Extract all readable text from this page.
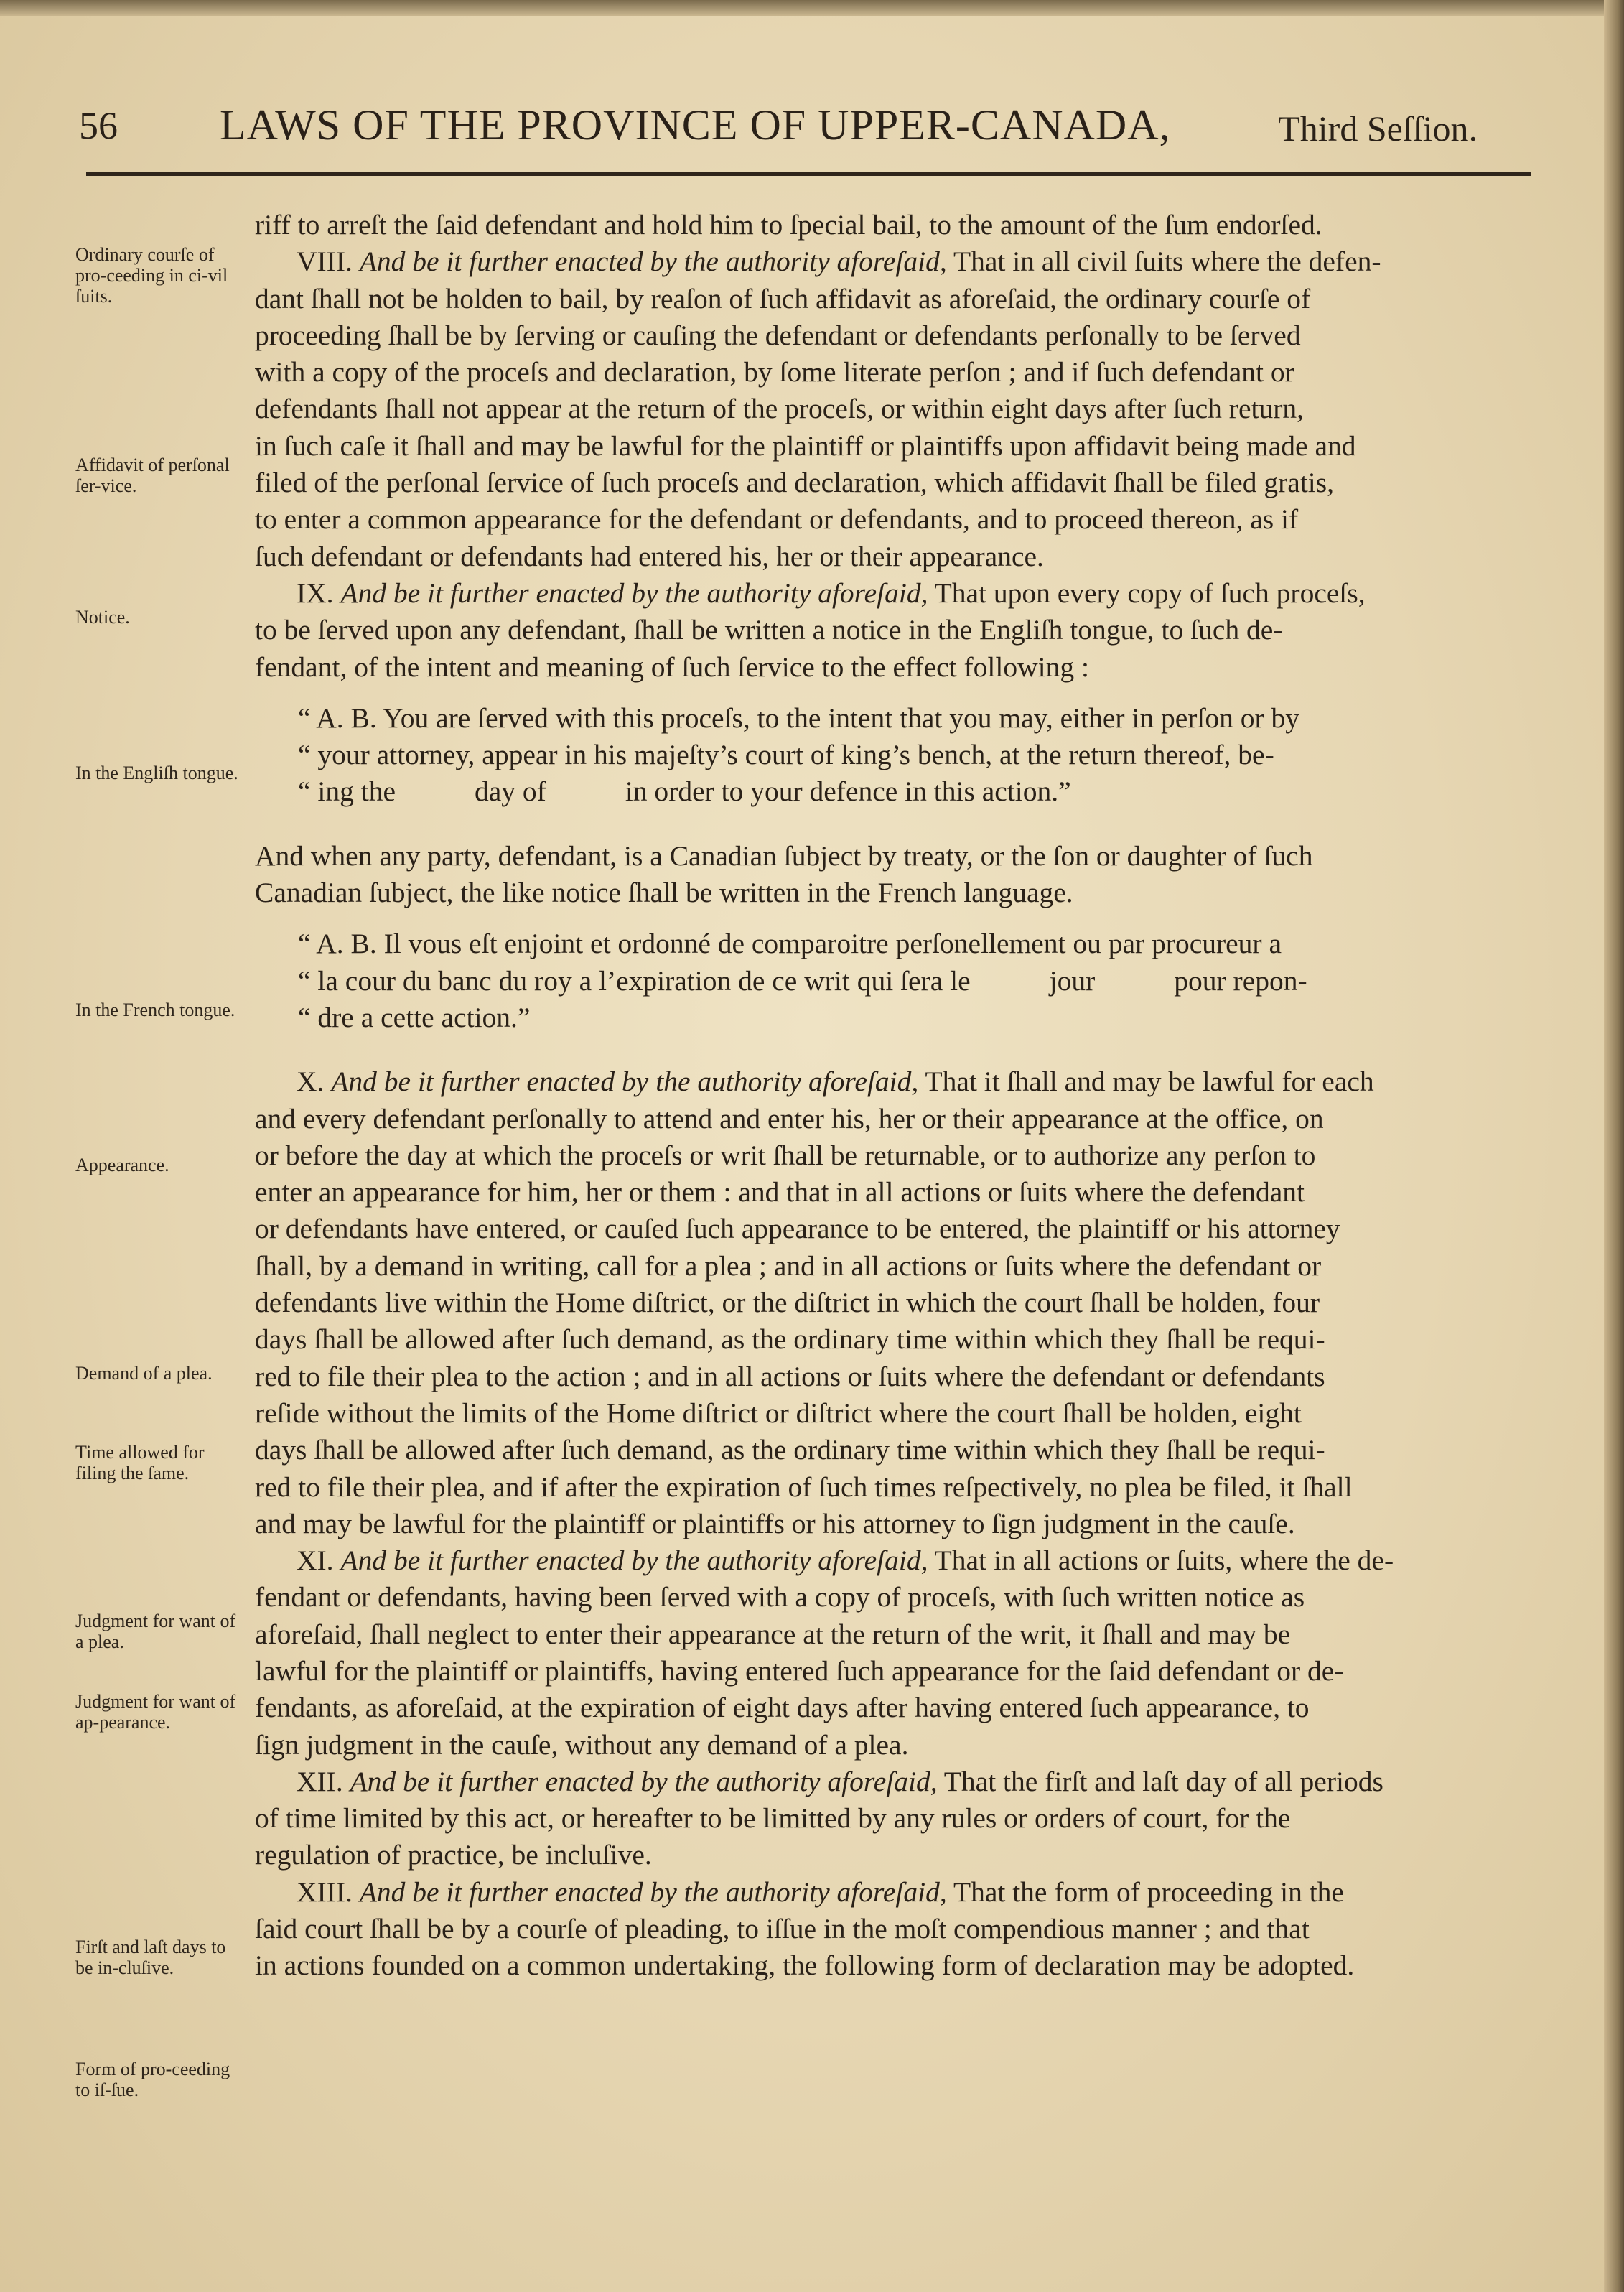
56 LAWS OF THE PROVINCE OF UPPER-CANADA,	Third Seſſion.
Ordinary courſe of pro-ceeding in ci-vil ſuits.
Affidavit of perſonal ſer-vice.
Notice.
In the Engliſh tongue.
In the French tongue.
Appearance.
Demand of a plea.
Time allowed for filing the ſame.
Judgment for want of a plea.
Judgment for want of ap-pearance.
Firſt and laſt days to be in-cluſive.
Form of pro-ceeding to iſ-ſue.
riff to arreſt the ſaid defendant and hold him to ſpecial bail, to the amount of the ſum endorſed.
VIII. And be it further enacted by the authority aforeſaid, That in all civil ſuits where the defen-
dant ſhall not be holden to bail, by reaſon of ſuch affidavit as aforeſaid, the ordinary courſe of
proceeding ſhall be by ſerving or cauſing the defendant or defendants perſonally to be ſerved
with a copy of the proceſs and declaration, by ſome literate perſon ; and if ſuch defendant or
defendants ſhall not appear at the return of the proceſs, or within eight days after ſuch return,
in ſuch caſe it ſhall and may be lawful for the plaintiff or plaintiffs upon affidavit being made and
filed of the perſonal ſervice of ſuch proceſs and declaration, which affidavit ſhall be filed gratis,
to enter a common appearance for the defendant or defendants, and to proceed thereon, as if
ſuch defendant or defendants had entered his, her or their appearance.
IX. And be it further enacted by the authority aforeſaid, That upon every copy of ſuch proceſs,
to be ſerved upon any defendant, ſhall be written a notice in the Engliſh tongue, to ſuch de-
fendant, of the intent and meaning of ſuch ſervice to the effect following :
“ A. B. You are ſerved with this proceſs, to the intent that you may, either in perſon or by
“ your attorney, appear in his majeſty’s court of king’s bench, at the return thereof, be-
“ ing the	day of	in order to your defence in this action.”
And when any party, defendant, is a Canadian ſubject by treaty, or the ſon or daughter of ſuch
Canadian ſubject, the like notice ſhall be written in the French language.
“ A. B. Il vous eſt enjoint et ordonné de comparoitre perſonellement ou par procureur a
“ la cour du banc du roy a l’expiration de ce writ qui ſera le	jour	pour repon-
“ dre a cette action.”
X. And be it further enacted by the authority aforeſaid, That it ſhall and may be lawful for each
and every defendant perſonally to attend and enter his, her or their appearance at the office, on
or before the day at which the proceſs or writ ſhall be returnable, or to authorize any perſon to
enter an appearance for him, her or them : and that in all actions or ſuits where the defendant
or defendants have entered, or cauſed ſuch appearance to be entered, the plaintiff or his attorney
ſhall, by a demand in writing, call for a plea ; and in all actions or ſuits where the defendant or
defendants live within the Home diſtrict, or the diſtrict in which the court ſhall be holden, four
days ſhall be allowed after ſuch demand, as the ordinary time within which they ſhall be requi-
red to file their plea to the action ; and in all actions or ſuits where the defendant or defendants
reſide without the limits of the Home diſtrict or diſtrict where the court ſhall be holden, eight
days ſhall be allowed after ſuch demand, as the ordinary time within which they ſhall be requi-
red to file their plea, and if after the expiration of ſuch times reſpectively, no plea be filed, it ſhall
and may be lawful for the plaintiff or plaintiffs or his attorney to ſign judgment in the cauſe.
XI. And be it further enacted by the authority aforeſaid, That in all actions or ſuits, where the de-
fendant or defendants, having been ſerved with a copy of proceſs, with ſuch written notice as
aforeſaid, ſhall neglect to enter their appearance at the return of the writ, it ſhall and may be
lawful for the plaintiff or plaintiffs, having entered ſuch appearance for the ſaid defendant or de-
fendants, as aforeſaid, at the expiration of eight days after having entered ſuch appearance, to
ſign judgment in the cauſe, without any demand of a plea.
XII. And be it further enacted by the authority aforeſaid, That the firſt and laſt day of all periods
of time limited by this act, or hereafter to be limitted by any rules or orders of court, for the
regulation of practice, be incluſive.
XIII. And be it further enacted by the authority aforeſaid, That the form of proceeding in the
ſaid court ſhall be by a courſe of pleading, to iſſue in the moſt compendious manner ; and that
in actions founded on a common undertaking, the following form of declaration may be adopted.
